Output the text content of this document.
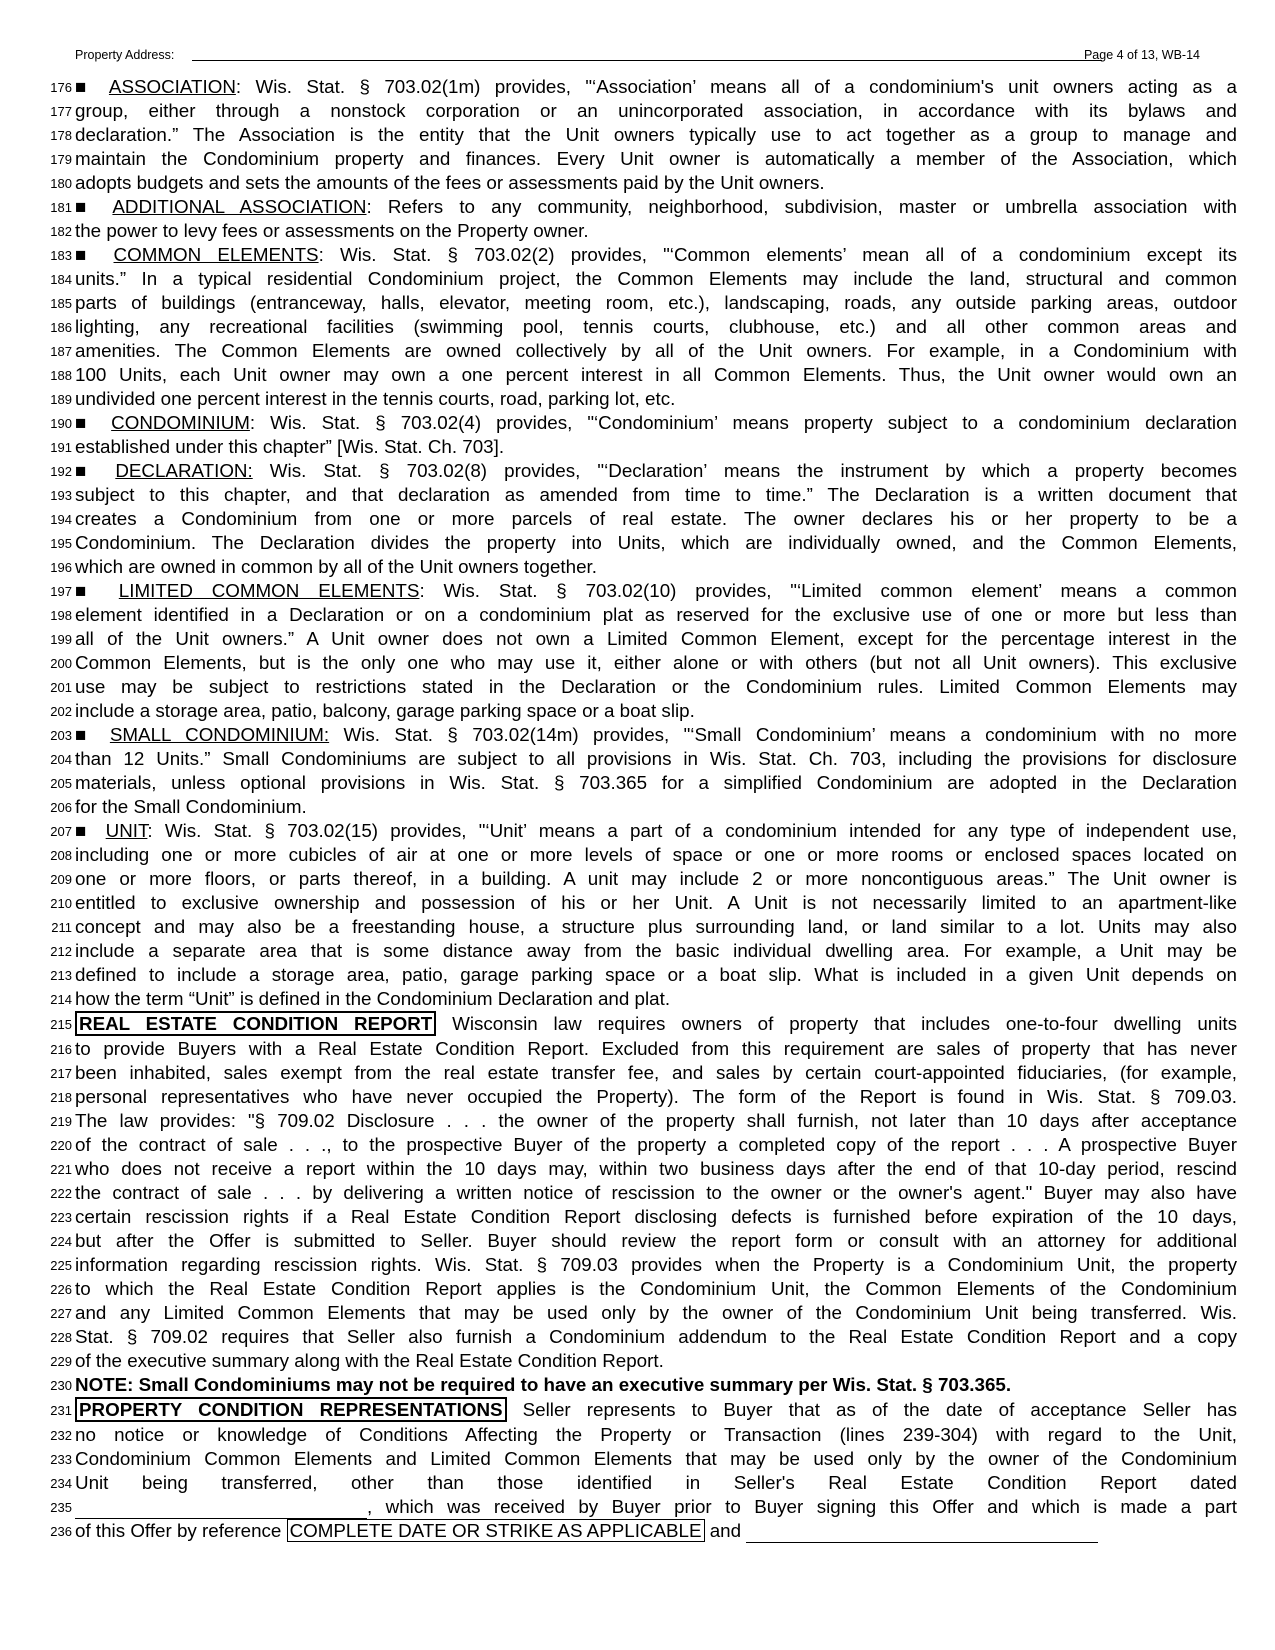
Property Address:	Page 4 of 13, WB-14
176 ■ ASSOCIATION: Wis. Stat. § 703.02(1m) provides, "‘Association’ means all of a condominium's unit owners acting as a
177 group, either through a nonstock corporation or an unincorporated association, in accordance with its bylaws and
178 declaration.” The Association is the entity that the Unit owners typically use to act together as a group to manage and
179 maintain the Condominium property and finances. Every Unit owner is automatically a member of the Association, which
180 adopts budgets and sets the amounts of the fees or assessments paid by the Unit owners.
181 ■ ADDITIONAL ASSOCIATION: Refers to any community, neighborhood, subdivision, master or umbrella association with
182 the power to levy fees or assessments on the Property owner.
183 ■ COMMON ELEMENTS: Wis. Stat. § 703.02(2) provides, "‘Common elements’ mean all of a condominium except its
184 units.” In a typical residential Condominium project, the Common Elements may include the land, structural and common
185 parts of buildings (entranceway, halls, elevator, meeting room, etc.), landscaping, roads, any outside parking areas, outdoor
186 lighting, any recreational facilities (swimming pool, tennis courts, clubhouse, etc.) and all other common areas and
187 amenities. The Common Elements are owned collectively by all of the Unit owners. For example, in a Condominium with
188 100 Units, each Unit owner may own a one percent interest in all Common Elements. Thus, the Unit owner would own an
189 undivided one percent interest in the tennis courts, road, parking lot, etc.
190 ■ CONDOMINIUM: Wis. Stat. § 703.02(4) provides, "‘Condominium’ means property subject to a condominium declaration
191 established under this chapter” [Wis. Stat. Ch. 703].
192 ■ DECLARATION: Wis. Stat. § 703.02(8) provides, "‘Declaration’ means the instrument by which a property becomes
193 subject to this chapter, and that declaration as amended from time to time.” The Declaration is a written document that
194 creates a Condominium from one or more parcels of real estate. The owner declares his or her property to be a
195 Condominium. The Declaration divides the property into Units, which are individually owned, and the Common Elements,
196 which are owned in common by all of the Unit owners together.
197 ■ LIMITED COMMON ELEMENTS: Wis. Stat. § 703.02(10) provides, "‘Limited common element’ means a common
198 element identified in a Declaration or on a condominium plat as reserved for the exclusive use of one or more but less than
199 all of the Unit owners.” A Unit owner does not own a Limited Common Element, except for the percentage interest in the
200 Common Elements, but is the only one who may use it, either alone or with others (but not all Unit owners). This exclusive
201 use may be subject to restrictions stated in the Declaration or the Condominium rules. Limited Common Elements may
202 include a storage area, patio, balcony, garage parking space or a boat slip.
203 ■ SMALL CONDOMINIUM: Wis. Stat. § 703.02(14m) provides, "‘Small Condominium’ means a condominium with no more
204 than 12 Units.” Small Condominiums are subject to all provisions in Wis. Stat. Ch. 703, including the provisions for disclosure
205 materials, unless optional provisions in Wis. Stat. § 703.365 for a simplified Condominium are adopted in the Declaration
206 for the Small Condominium.
207 ■ UNIT: Wis. Stat. § 703.02(15) provides, "‘Unit’ means a part of a condominium intended for any type of independent use,
208 including one or more cubicles of air at one or more levels of space or one or more rooms or enclosed spaces located on
209 one or more floors, or parts thereof, in a building. A unit may include 2 or more noncontiguous areas.” The Unit owner is
210 entitled to exclusive ownership and possession of his or her Unit. A Unit is not necessarily limited to an apartment-like
211 concept and may also be a freestanding house, a structure plus surrounding land, or land similar to a lot. Units may also
212 include a separate area that is some distance away from the basic individual dwelling area. For example, a Unit may be
213 defined to include a storage area, patio, garage parking space or a boat slip. What is included in a given Unit depends on
214 how the term “Unit” is defined in the Condominium Declaration and plat.
215 REAL ESTATE CONDITION REPORT Wisconsin law requires owners of property that includes one-to-four dwelling units
216 to provide Buyers with a Real Estate Condition Report. Excluded from this requirement are sales of property that has never
217 been inhabited, sales exempt from the real estate transfer fee, and sales by certain court-appointed fiduciaries, (for example,
218 personal representatives who have never occupied the Property). The form of the Report is found in Wis. Stat. § 709.03.
219 The law provides: "§ 709.02 Disclosure . . . the owner of the property shall furnish, not later than 10 days after acceptance
220 of the contract of sale . . ., to the prospective Buyer of the property a completed copy of the report . . . A prospective Buyer
221 who does not receive a report within the 10 days may, within two business days after the end of that 10-day period, rescind
222 the contract of sale . . . by delivering a written notice of rescission to the owner or the owner's agent." Buyer may also have
223 certain rescission rights if a Real Estate Condition Report disclosing defects is furnished before expiration of the 10 days,
224 but after the Offer is submitted to Seller. Buyer should review the report form or consult with an attorney for additional
225 information regarding rescission rights. Wis. Stat. § 709.03 provides when the Property is a Condominium Unit, the property
226 to which the Real Estate Condition Report applies is the Condominium Unit, the Common Elements of the Condominium
227 and any Limited Common Elements that may be used only by the owner of the Condominium Unit being transferred. Wis.
228 Stat. § 709.02 requires that Seller also furnish a Condominium addendum to the Real Estate Condition Report and a copy
229 of the executive summary along with the Real Estate Condition Report.
230 NOTE: Small Condominiums may not be required to have an executive summary per Wis. Stat. § 703.365.
231 PROPERTY CONDITION REPRESENTATIONS Seller represents to Buyer that as of the date of acceptance Seller has
232 no notice or knowledge of Conditions Affecting the Property or Transaction (lines 239-304) with regard to the Unit,
233 Condominium Common Elements and Limited Common Elements that may be used only by the owner of the Condominium
234 Unit being transferred, other than those identified in Seller's Real Estate Condition Report dated
235	, which was received by Buyer prior to Buyer signing this Offer and which is made a part
236 of this Offer by reference COMPLETE DATE OR STRIKE AS APPLICABLE and
